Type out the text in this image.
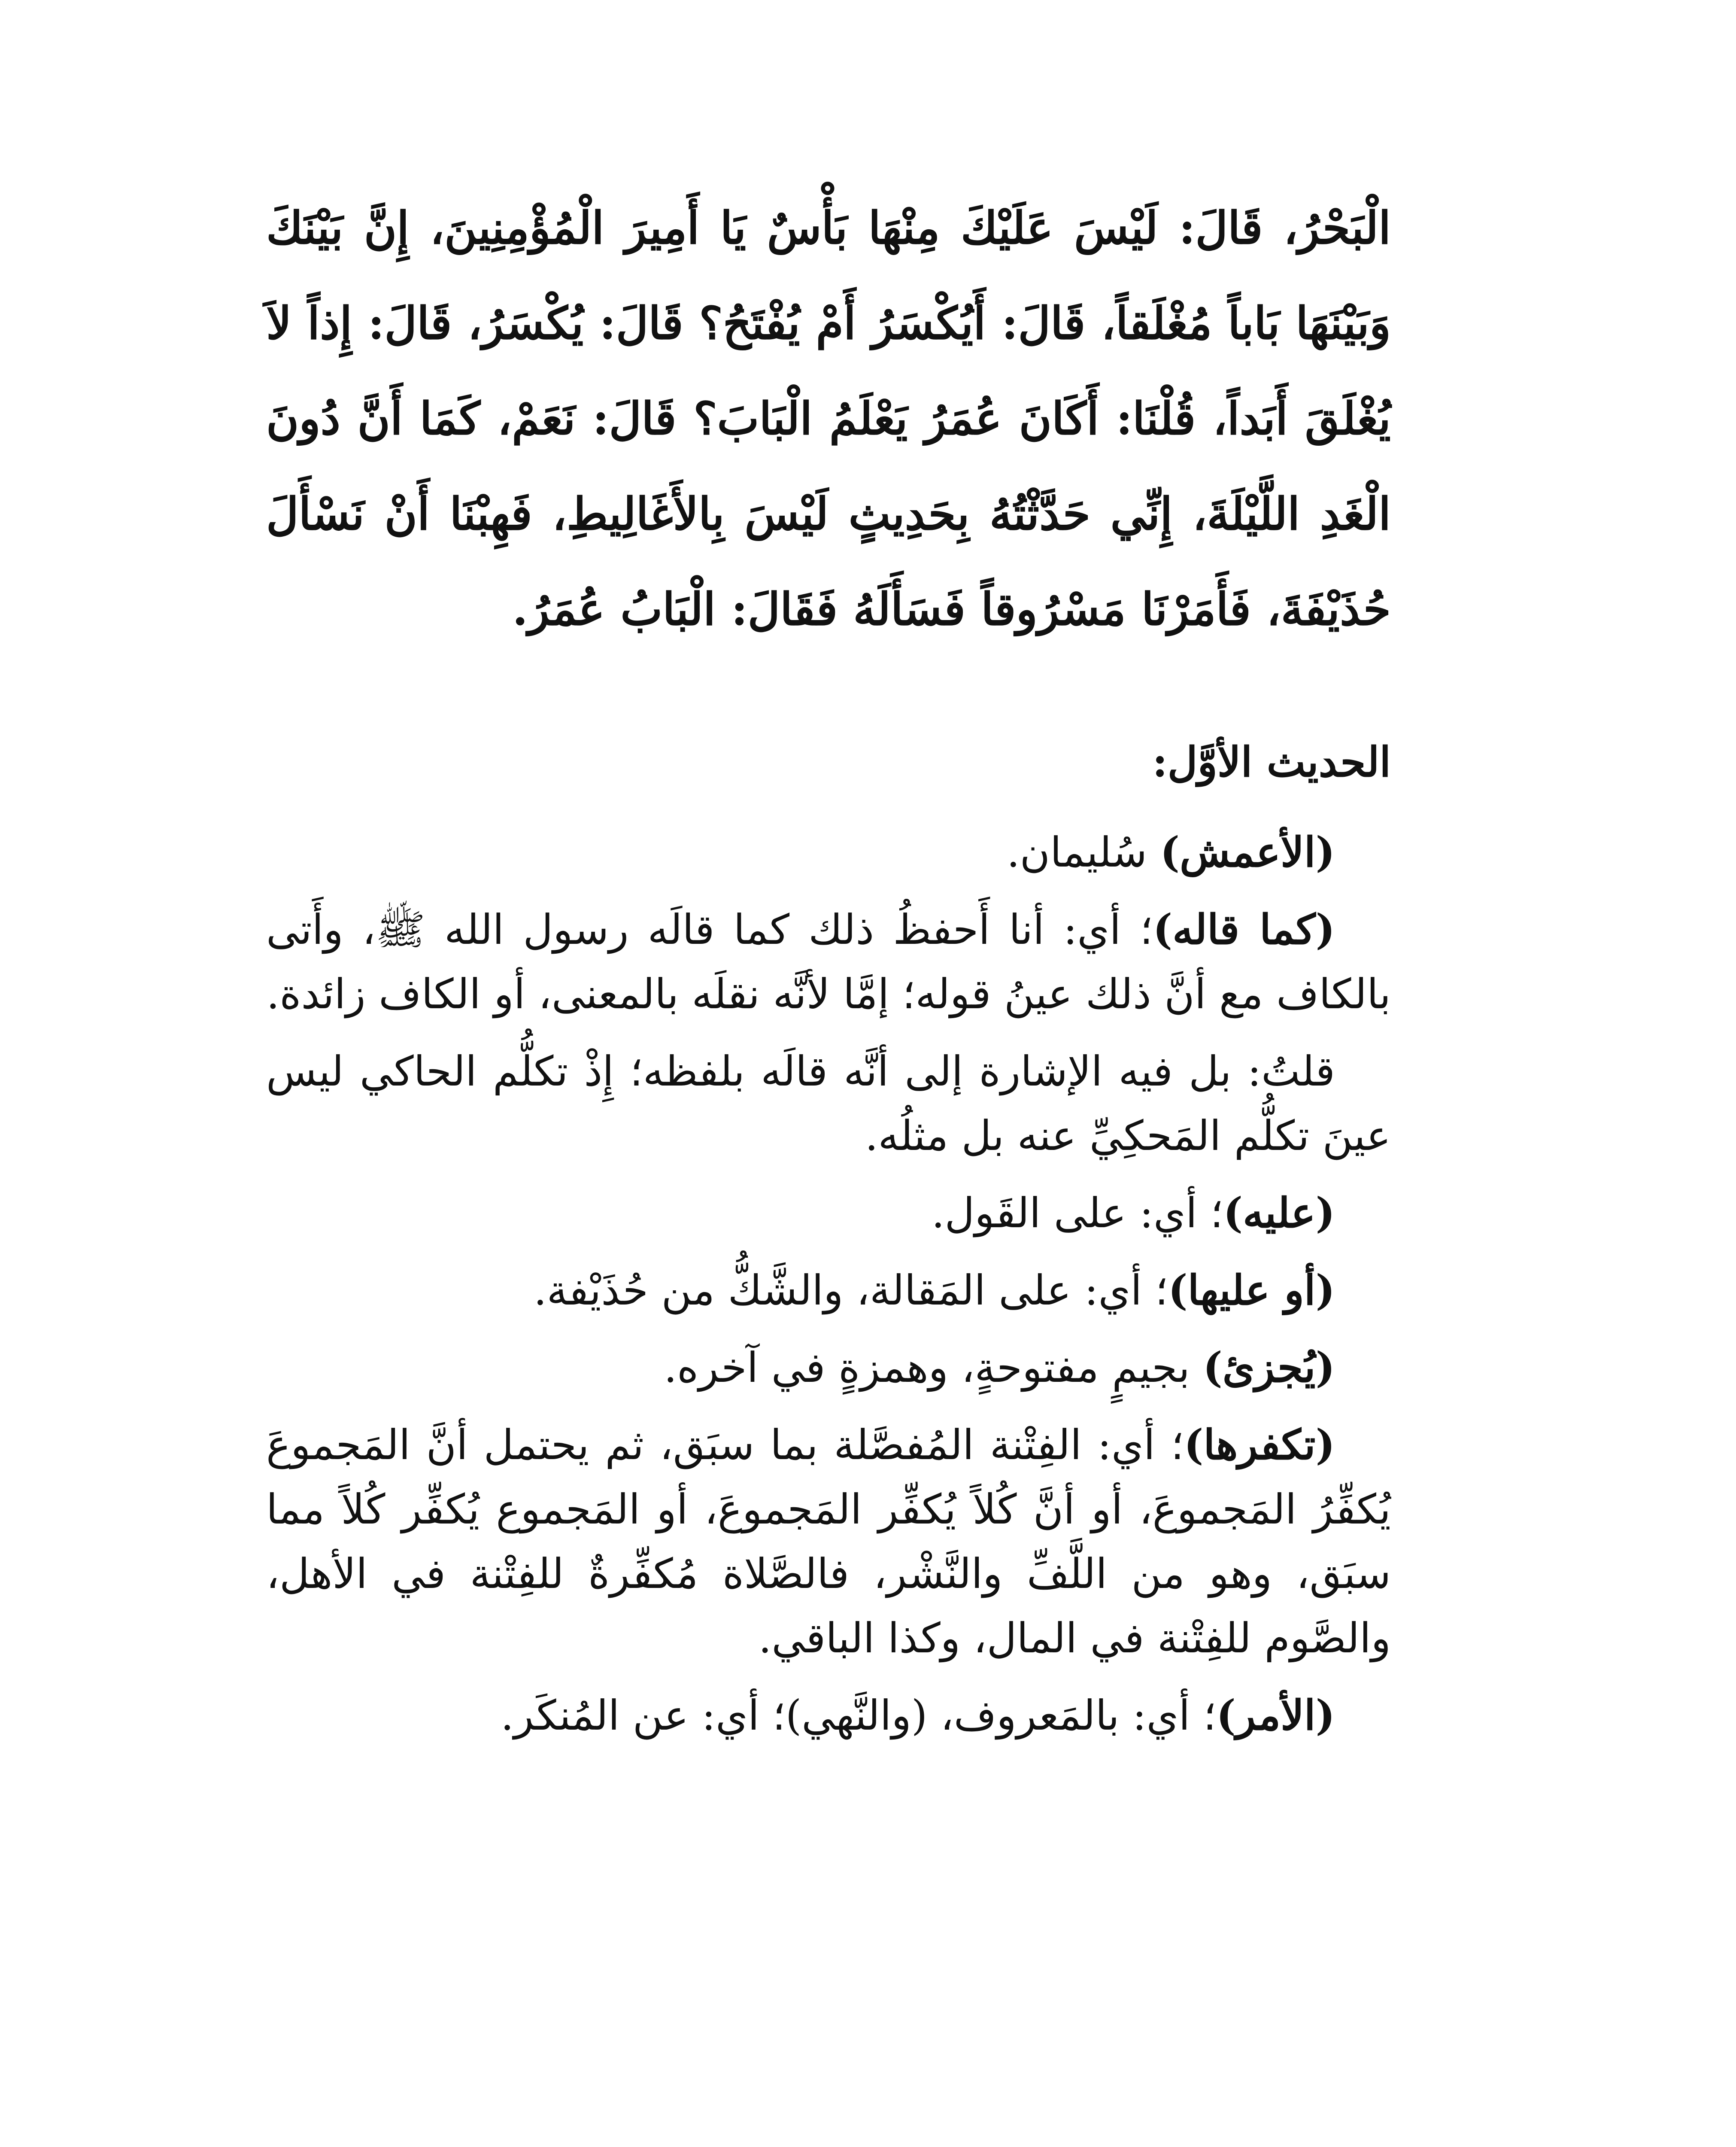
الْبَحْرُ، قَالَ: لَيْسَ عَلَيْكَ مِنْهَا بَأْسٌ يَا أَمِيرَ الْمُؤْمِنِينَ، إِنَّ بَيْنَكَ وَبَيْنَهَا بَاباً مُغْلَقاً، قَالَ: أَيُكْسَرُ أَمْ يُفْتَحُ؟ قَالَ: يُكْسَرُ، قَالَ: إِذاً لاَ يُغْلَقَ أَبَداً، قُلْنَا: أَكَانَ عُمَرُ يَعْلَمُ الْبَابَ؟ قَالَ: نَعَمْ، كَمَا أَنَّ دُونَ الْغَدِ اللَّيْلَةَ، إِنِّي حَدَّثْتُهُ بِحَدِيثٍ لَيْسَ بِالأَغَالِيطِ، فَهِبْنَا أَنْ نَسْأَلَ حُذَيْفَةَ، فَأَمَرْنَا مَسْرُوقاً فَسَأَلَهُ فَقَالَ: الْبَابُ عُمَرُ.

الحديث الأوَّل:

(الأعمش) سُليمان.

(كما قاله)؛ أي: أنا أَحفظُ ذلك كما قالَه رسول الله ﷺ، وأَتى بالكاف مع أنَّ ذلك عينُ قوله؛ إمَّا لأنَّه نقلَه بالمعنى، أو الكاف زائدة.

قلتُ: بل فيه الإشارة إلى أنَّه قالَه بلفظه؛ إِذْ تكلُّم الحاكي ليس عينَ تكلُّم المَحكِيِّ عنه بل مثلُه.

(عليه)؛ أي: على القَول.

(أو عليها)؛ أي: على المَقالة، والشَّكُّ من حُذَيْفة.

(يُجزئ) بجيمٍ مفتوحةٍ، وهمزةٍ في آخره.

(تكفرها)؛ أي: الفِتْنة المُفصَّلة بما سبَق، ثم يحتمل أنَّ المَجموعَ يُكفِّرُ المَجموعَ، أو أنَّ كُلاً يُكفِّر المَجموعَ، أو المَجموع يُكفِّر كُلاً مما سبَق، وهو من اللَّفِّ والنَّشْر، فالصَّلاة مُكفِّرةٌ للفِتْنة في الأهل، والصَّوم للفِتْنة في المال، وكذا الباقي.

(الأمر)؛ أي: بالمَعروف، (والنَّهي)؛ أي: عن المُنكَر.
